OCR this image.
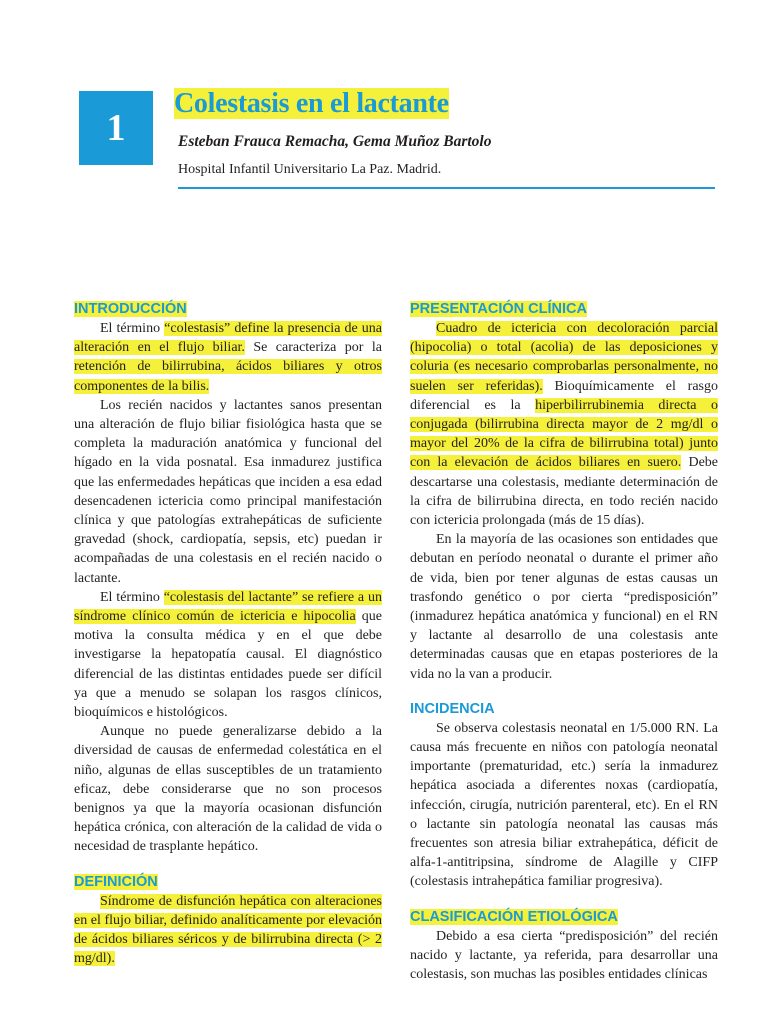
1
Colestasis en el lactante

Esteban Frauca Remacha, Gema Muñoz Bartolo

Hospital Infantil Universitario La Paz. Madrid.

INTRODUCCIÓN

El término “colestasis” define la presencia de una alteración en el flujo biliar. Se caracteriza por la retención de bilirrubina, ácidos biliares y otros componentes de la bilis.

Los recién nacidos y lactantes sanos presentan una alteración de flujo biliar fisiológica hasta que se completa la maduración anatómica y funcional del hígado en la vida posnatal. Esa inmadurez justifica que las enfermedades hepáticas que inciden a esa edad desencadenen ictericia como principal manifestación clínica y que patologías extrahepáticas de suficiente gravedad (shock, cardiopatía, sepsis, etc) puedan ir acompañadas de una colestasis en el recién nacido o lactante.

El término “colestasis del lactante” se refiere a un síndrome clínico común de ictericia e hipocolia que motiva la consulta médica y en el que debe investigarse la hepatopatía causal. El diagnóstico diferencial de las distintas entidades puede ser difícil ya que a menudo se solapan los rasgos clínicos, bioquímicos e histológicos.

Aunque no puede generalizarse debido a la diversidad de causas de enfermedad colestática en el niño, algunas de ellas susceptibles de un tratamiento eficaz, debe considerarse que no son procesos benignos ya que la mayoría ocasionan disfunción hepática crónica, con alteración de la calidad de vida o necesidad de trasplante hepático.

DEFINICIÓN

Síndrome de disfunción hepática con alteraciones en el flujo biliar, definido analíticamente por elevación de ácidos biliares séricos y de bilirrubina directa (> 2 mg/dl).

PRESENTACIÓN CLÍNICA

Cuadro de ictericia con decoloración parcial (hipocolia) o total (acolia) de las deposiciones y coluria (es necesario comprobarlas personalmente, no suelen ser referidas). Bioquímicamente el rasgo diferencial es la hiperbilirrubinemia directa o conjugada (bilirrubina directa mayor de 2 mg/dl o mayor del 20% de la cifra de bilirrubina total) junto con la elevación de ácidos biliares en suero. Debe descartarse una colestasis, mediante determinación de la cifra de bilirrubina directa, en todo recién nacido con ictericia prolongada (más de 15 días).

En la mayoría de las ocasiones son entidades que debutan en período neonatal o durante el primer año de vida, bien por tener algunas de estas causas un trasfondo genético o por cierta “predisposición” (inmadurez hepática anatómica y funcional) en el RN y lactante al desarrollo de una colestasis ante determinadas causas que en etapas posteriores de la vida no la van a producir.

INCIDENCIA

Se observa colestasis neonatal en 1/5.000 RN. La causa más frecuente en niños con patología neonatal importante (prematuridad, etc.) sería la inmadurez hepática asociada a diferentes noxas (cardiopatía, infección, cirugía, nutrición parenteral, etc). En el RN o lactante sin patología neonatal las causas más frecuentes son atresia biliar extrahepática, déficit de alfa-1-antitripsina, síndrome de Alagille y CIFP (colestasis intrahepática familiar progresiva).

CLASIFICACIÓN ETIOLÓGICA

Debido a esa cierta “predisposición” del recién nacido y lactante, ya referida, para desarrollar una colestasis, son muchas las posibles entidades clínicas
